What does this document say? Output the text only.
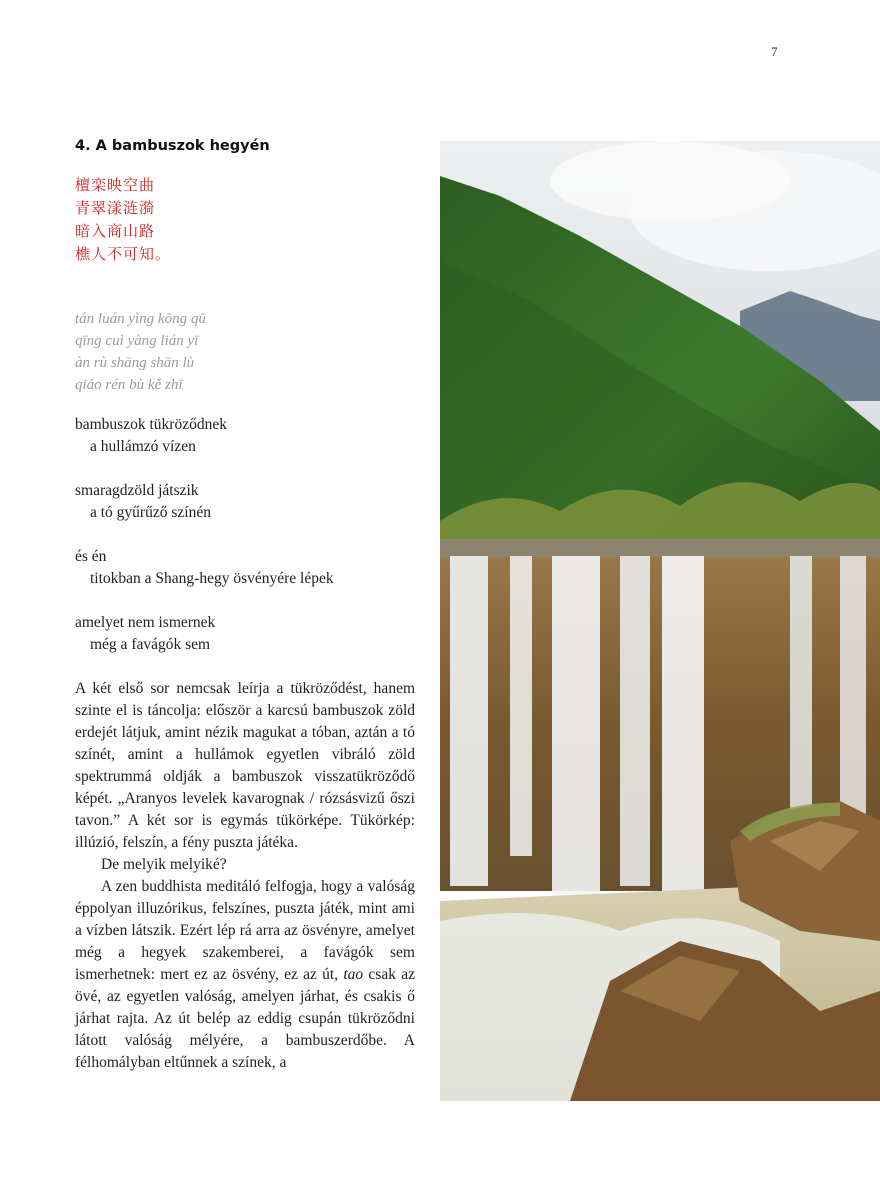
7
4. A bambuszok hegyén
檀栾映空曲
青翠漾涟漪
暗入商山路
樵人不可知。
tán luán yìng kōng qū
qīng cuì yàng lián yī
àn rù shāng shān lù
qiáo rén bù kě zhī
bambuszok tükröződnek
a hullámzó vízen
smaragdzöld játszik
a tó gyűrűző színén
és én
titokban a Shang-hegy ösvényére lépek
amelyet nem ismernek
még a favágók sem

A két első sor nemcsak leírja a tükröződést, hanem szinte el is táncolja: először a karcsú bambuszok zöld erdejét látjuk, amint nézik magukat a tóban, aztán a tó színét, amint a hullámok egyetlen vibráló zöld spektrummá oldják a bambuszok visszatükröződő képét. „Aranyos levelek kavarognak / rózsásvizű őszi tavon.” A két sor is egymás tükörképe. Tükörkép: illúzió, felszín, a fény puszta játéka.

De melyik melyiké?

A zen buddhista meditáló felfogja, hogy a valóság éppolyan illuzórikus, felszínes, puszta játék, mint ami a vízben látszik. Ezért lép rá arra az ösvényre, amelyet még a hegyek szakemberei, a favágók sem ismerhetnek: mert ez az ösvény, ez az út, tao csak az övé, az egyetlen valóság, amelyen járhat, és csakis ő járhat rajta. Az út belép az eddig csupán tükröződni látott valóság mélyére, a bambuszerdőbe. A félhomályban eltűnnek a színek, a
